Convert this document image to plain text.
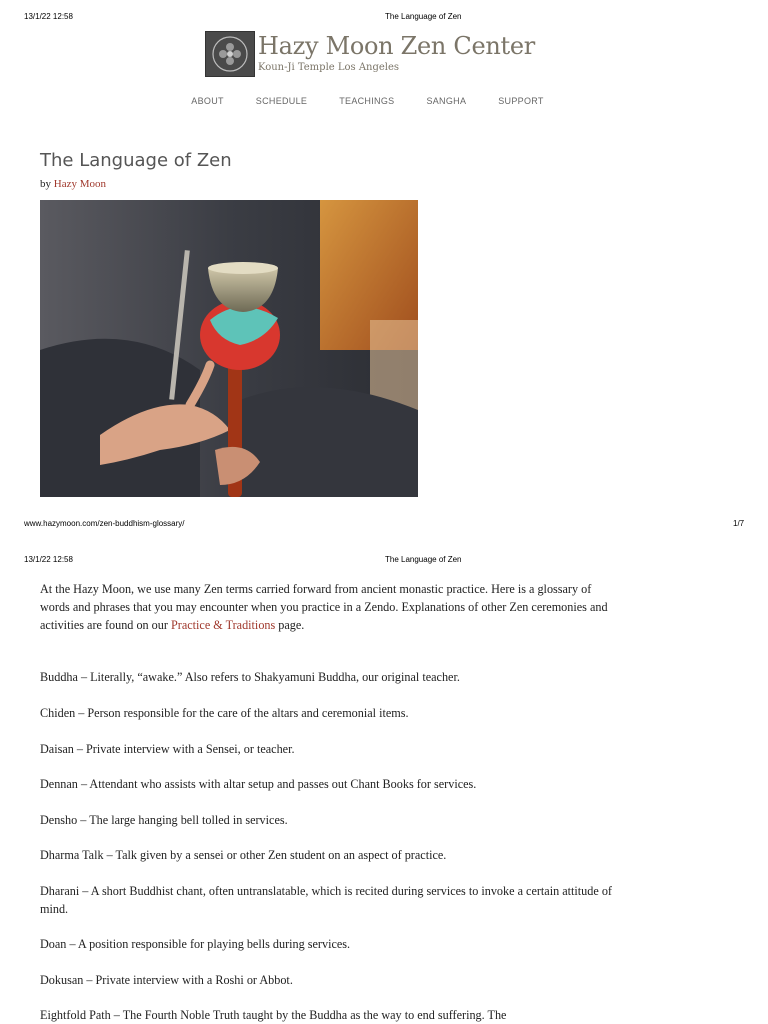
13/1/22 12:58	The Language of Zen
Hazy Moon Zen Center
Koun-Ji Temple Los Angeles
ABOUT	SCHEDULE	TEACHINGS	SANGHA	SUPPORT
The Language of Zen
by Hazy Moon
www.hazymoon.com/zen-buddhism-glossary/	1/7
13/1/22 12:58	The Language of Zen

At the Hazy Moon, we use many Zen terms carried forward from ancient monastic practice. Here is a glossary of words and phrases that you may encounter when you practice in a Zendo. Explanations of other Zen ceremonies and activities are found on our Practice & Traditions page.

Buddha – Literally, “awake.” Also refers to Shakyamuni Buddha, our original teacher.

Chiden – Person responsible for the care of the altars and ceremonial items.

Daisan – Private interview with a Sensei, or teacher.

Dennan – Attendant who assists with altar setup and passes out Chant Books for services.

Densho – The large hanging bell tolled in services.

Dharma Talk – Talk given by a sensei or other Zen student on an aspect of practice.

Dharani – A short Buddhist chant, often untranslatable, which is recited during services to invoke a certain attitude of mind.

Doan – A position responsible for playing bells during services.

Dokusan – Private interview with a Roshi or Abbot.

Eightfold Path – The Fourth Noble Truth taught by the Buddha as the way to end suffering. The
